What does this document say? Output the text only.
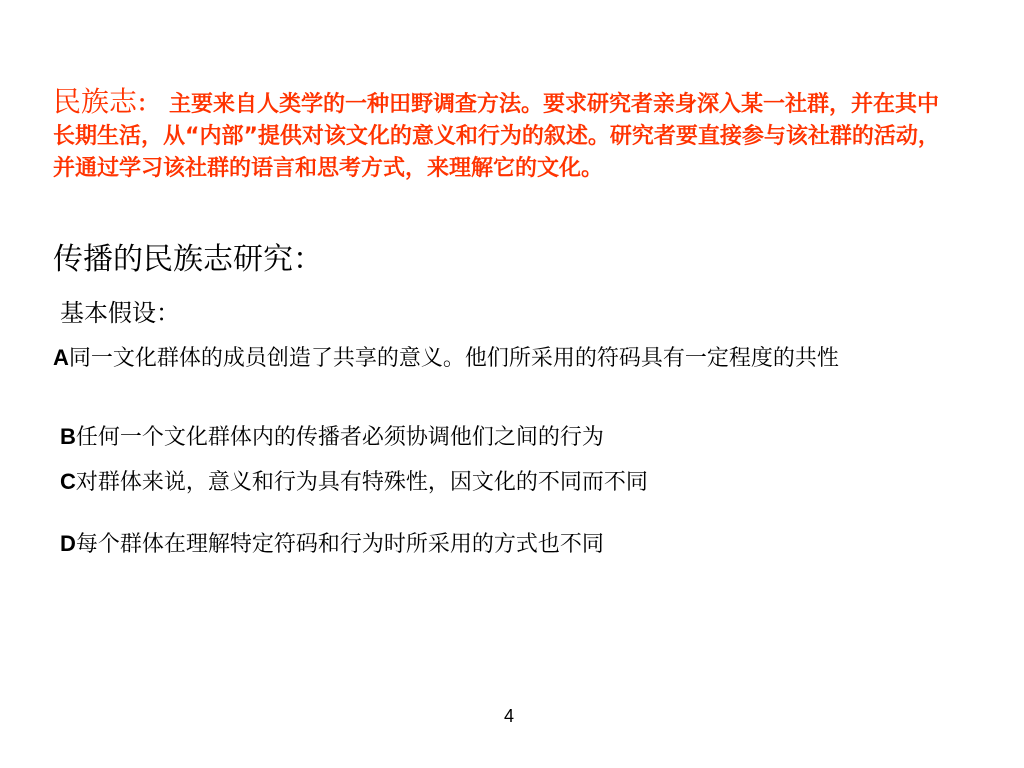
民族志： 主要来自人类学的一种田野调查方法。要求研究者亲身深入某一社群，并在其中长期生活，从“内部”提供对该文化的意义和行为的叙述。研究者要直接参与该社群的活动，并通过学习该社群的语言和思考方式，来理解它的文化。
传播的民族志研究：
基本假设：
A同一文化群体的成员创造了共享的意义。他们所采用的符码具有一定程度的共性
B任何一个文化群体内的传播者必须协调他们之间的行为
C对群体来说，意义和行为具有特殊性，因文化的不同而不同
D每个群体在理解特定符码和行为时所采用的方式也不同
4
